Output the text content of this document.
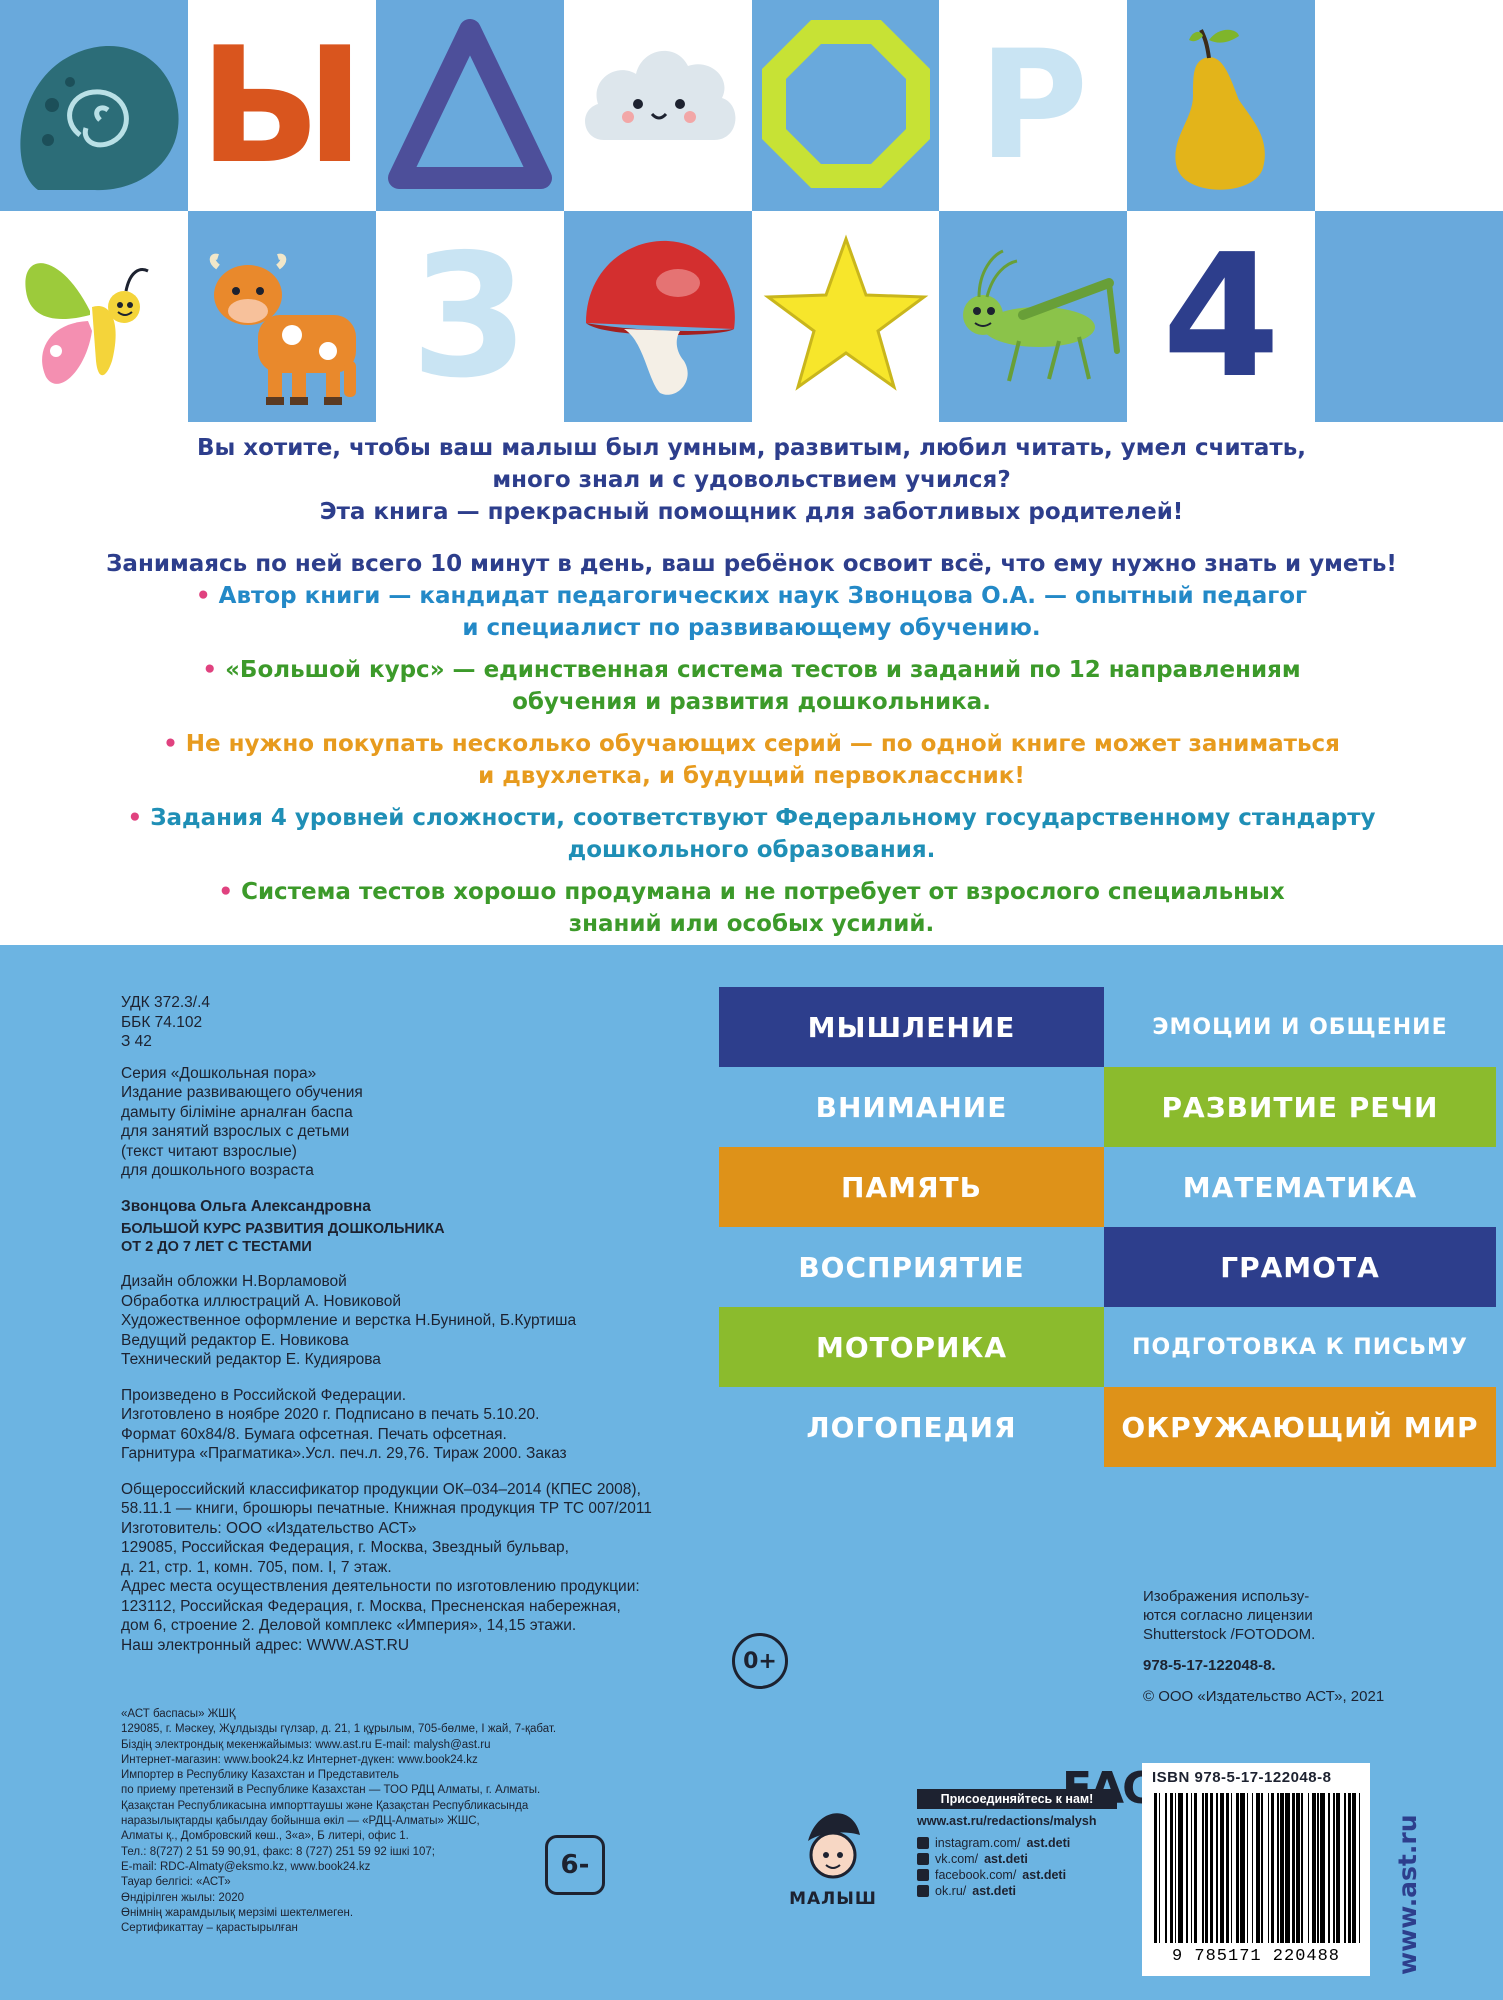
Ы	Р
3	4

Вы хотите, чтобы ваш малыш был умным, развитым, любил читать, умел считать,
много знал и с удовольствием учился?
Эта книга — прекрасный помощник для заботливых родителей!

Занимаясь по ней всего 10 минут в день, ваш ребёнок освоит всё, что ему нужно знать и уметь!

• Автор книги — кандидат педагогических наук Звонцова О.А. — опытный педагог
и специалист по развивающему обучению.

• «Большой курс» — единственная система тестов и заданий по 12 направлениям
обучения и развития дошкольника.

• Не нужно покупать несколько обучающих серий — по одной книге может заниматься
и двухлетка, и будущий первоклассник!

• Задания 4 уровней сложности, соответствуют Федеральному государственному стандарту
дошкольного образования.

• Система тестов хорошо продумана и не потребует от взрослого специальных
знаний или особых усилий.

УДК 372.3/.4
ББК 74.102
З 42
Серия «Дошкольная пора»
Издание развивающего обучения
дамыту біліміне арналған баспа
для занятий взрослых с детьми
(текст читают взрослые)
для дошкольного возраста
Звонцова Ольга Александровна
БОЛЬШОЙ КУРС РАЗВИТИЯ ДОШКОЛЬНИКА
ОТ 2 ДО 7 ЛЕТ С ТЕСТАМИ
Дизайн обложки Н.Ворламовой
Обработка иллюстраций А. Новиковой
Художественное оформление и верстка Н.Буниной, Б.Куртиша
Ведущий редактор Е. Новикова
Технический редактор Е. Кудиярова
Произведено в Российской Федерации.
Изготовлено в ноябре 2020 г. Подписано в печать 5.10.20.
Формат 60х84/8. Бумага офсетная. Печать офсетная.
Гарнитура «Прагматика».Усл. печ.л. 29,76. Тираж 2000. Заказ
Общероссийский классификатор продукции ОК–034–2014 (КПЕС 2008),
58.11.1 — книги, брошюры печатные. Книжная продукция ТР ТС 007/2011
Изготовитель: ООО «Издательство АСТ»
129085, Российская Федерация, г. Москва, Звездный бульвар,
д. 21, стр. 1, комн. 705, пом. I, 7 этаж.
Адрес места осуществления деятельности по изготовлению продукции:
123112, Российская Федерация, г. Москва, Пресненская набережная,
дом 6, строение 2. Деловой комплекс «Империя», 14,15 этажи.
Наш электронный адрес: WWW.AST.RU
«АСТ баспасы» ЖШҚ
129085, г. Мәскеу, Жұлдызды гүлзар, д. 21, 1 құрылым, 705-бөлме, I жай, 7-қабат.
Біздің электрондық мекенжайымыз: www.ast.ru E-mail: malysh@ast.ru
Интернет-магазин: www.book24.kz Интернет-дүкен: www.book24.kz
Импортер в Республику Казахстан и Представитель
по приему претензий в Республике Казахстан — ТОО РДЦ Алматы, г. Алматы.
Қазақстан Республикасына импорттаушы және Қазақстан Республикасында
наразылықтарды қабылдау бойынша өкіл — «РДЦ-Алматы» ЖШС,
Алматы қ., Домбровский көш., 3«а», Б литері, офис 1.
Тел.: 8(727) 2 51 59 90,91, факс: 8 (727) 251 59 92 ішкі 107;
E-mail: RDC-Almaty@eksmo.kz, www.book24.kz
Тауар белгісі: «АСТ»
Өндірілген жылы: 2020
Өнімнің жарамдылық мерзімі шектелмеген.
Сертификаттау – қарастырылған
МЫШЛЕНИЕ	ЭМОЦИИ И ОБЩЕНИЕ
ВНИМАНИЕ	РАЗВИТИЕ РЕЧИ
ПАМЯТЬ	МАТЕМАТИКА
ВОСПРИЯТИЕ	ГРАМОТА
МОТОРИКА	ПОДГОТОВКА К ПИСЬМУ
ЛОГОПЕДИЯ	ОКРУЖАЮЩИЙ МИР
0+
Изображения использу-
ются согласно лицензии
Shutterstock /FOTODOM.
978-5-17-122048-8.
© ООО «Издательство АСТ», 2021
ISBN 978-5-17-122048-8
9 785171 220488	www.ast.ru
МАЛЫШ
Присоединяйтесь к нам!
www.ast.ru/redactions/malysh
instagram.com/ ast.deti
vk.com/ ast.deti
facebook.com/ ast.deti
ok.ru/ ast.deti
6-
